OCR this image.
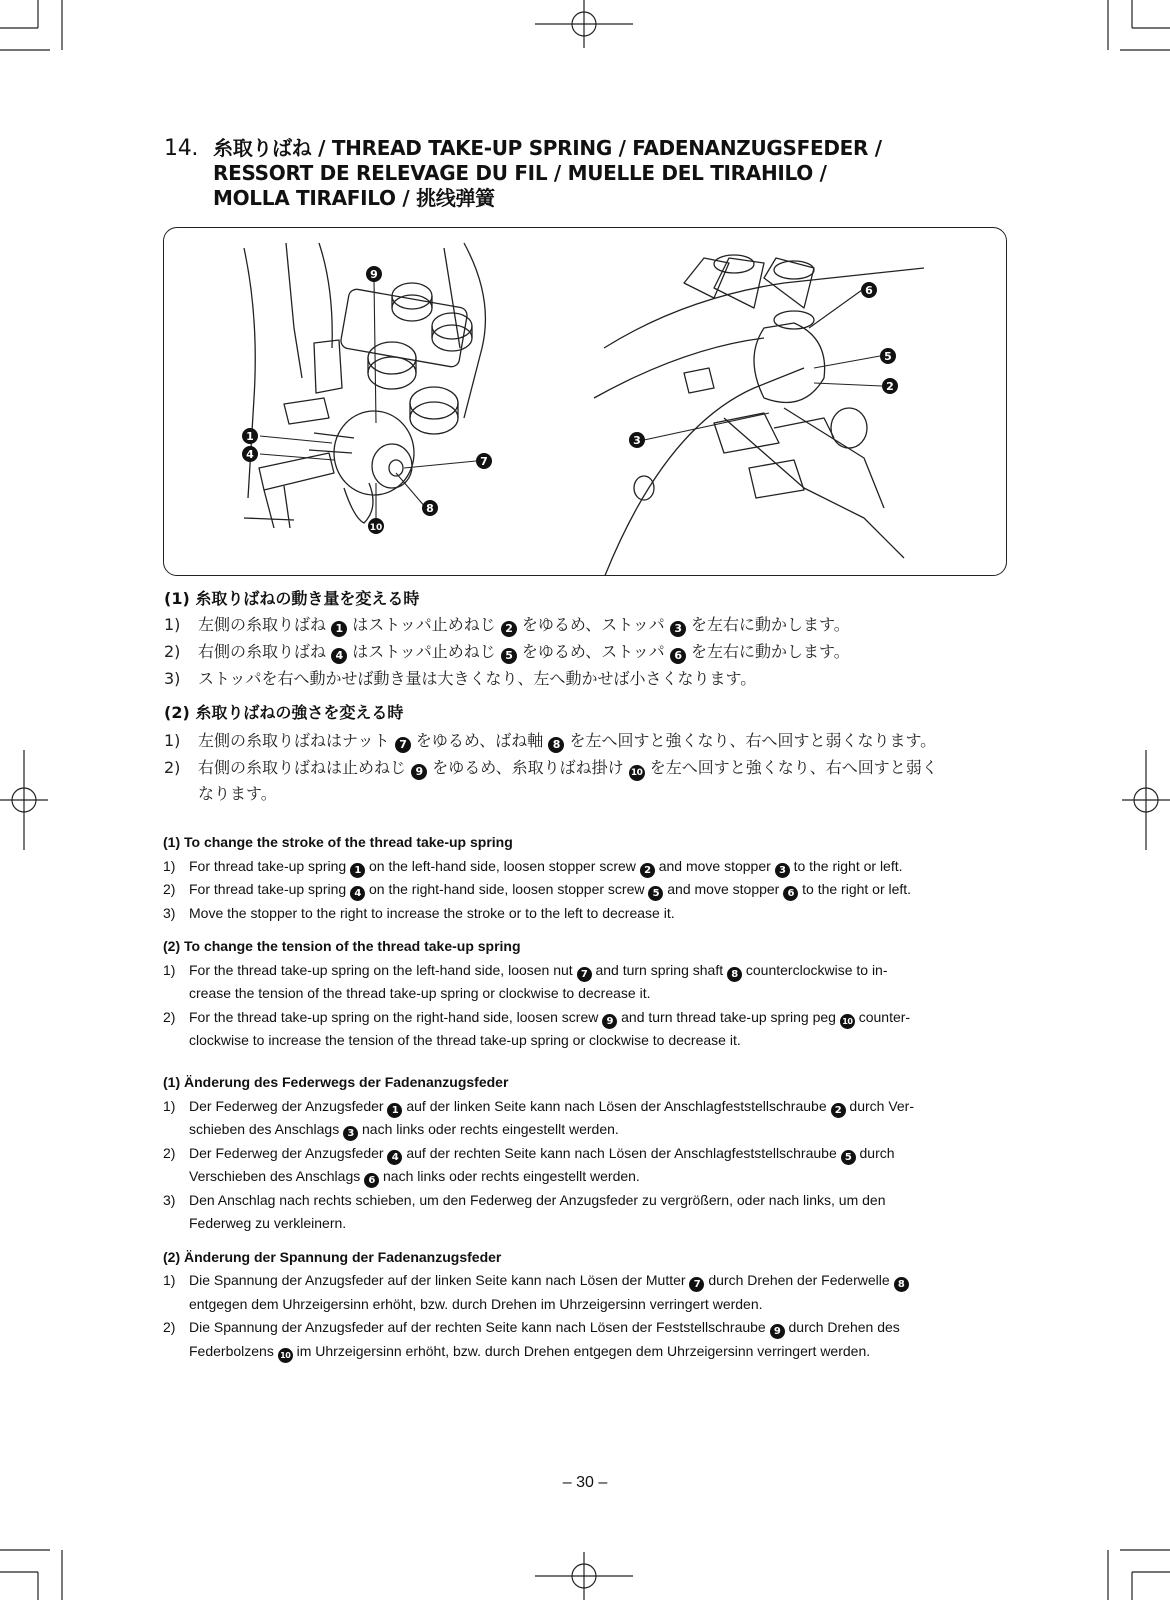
14. 糸取りばね / THREAD TAKE-UP SPRING / FADENANZUGSFEDER /
RESSORT DE RELEVAGE DU FIL / MUELLE DEL TIRAHILO /
MOLLA TIRAFILO / 挑线弹簧
9
1
4
7
8
10
6
5
2
3
(1) 糸取りばねの動き量を変える時
1) 左側の糸取りばね 1 はストッパ止めねじ 2 をゆるめ、ストッパ 3 を左右に動かします。
2) 右側の糸取りばね 4 はストッパ止めねじ 5 をゆるめ、ストッパ 6 を左右に動かします。
3) ストッパを右へ動かせば動き量は大きくなり、左へ動かせば小さくなります。
(2) 糸取りばねの強さを変える時
1) 左側の糸取りばねはナット 7 をゆるめ、ばね軸 8 を左へ回すと強くなり、右へ回すと弱くなります。
2) 右側の糸取りばねは止めねじ 9 をゆるめ、糸取りばね掛け 10 を左へ回すと強くなり、右へ回すと弱く
なります。
(1) To change the stroke of the thread take-up spring
1) For thread take-up spring 1 on the left-hand side, loosen stopper screw 2 and move stopper 3 to the right or left.
2) For thread take-up spring 4 on the right-hand side, loosen stopper screw 5 and move stopper 6 to the right or left.
3) Move the stopper to the right to increase the stroke or to the left to decrease it.
(2) To change the tension of the thread take-up spring
1) For the thread take-up spring on the left-hand side, loosen nut 7 and turn spring shaft 8 counterclockwise to in-
crease the tension of the thread take-up spring or clockwise to decrease it.
2) For the thread take-up spring on the right-hand side, loosen screw 9 and turn thread take-up spring peg 10 counter-
clockwise to increase the tension of the thread take-up spring or clockwise to decrease it.
(1) Änderung des Federwegs der Fadenanzugsfeder
1) Der Federweg der Anzugsfeder 1 auf der linken Seite kann nach Lösen der Anschlagfeststellschraube 2 durch Ver-
schieben des Anschlags 3 nach links oder rechts eingestellt werden.
2) Der Federweg der Anzugsfeder 4 auf der rechten Seite kann nach Lösen der Anschlagfeststellschraube 5 durch
Verschieben des Anschlags 6 nach links oder rechts eingestellt werden.
3) Den Anschlag nach rechts schieben, um den Federweg der Anzugsfeder zu vergrößern, oder nach links, um den
Federweg zu verkleinern.
(2) Änderung der Spannung der Fadenanzugsfeder
1) Die Spannung der Anzugsfeder auf der linken Seite kann nach Lösen der Mutter 7 durch Drehen der Federwelle 8
entgegen dem Uhrzeigersinn erhöht, bzw. durch Drehen im Uhrzeigersinn verringert werden.
2) Die Spannung der Anzugsfeder auf der rechten Seite kann nach Lösen der Feststellschraube 9 durch Drehen des
Federbolzens 10 im Uhrzeigersinn erhöht, bzw. durch Drehen entgegen dem Uhrzeigersinn verringert werden.
– 30 –
